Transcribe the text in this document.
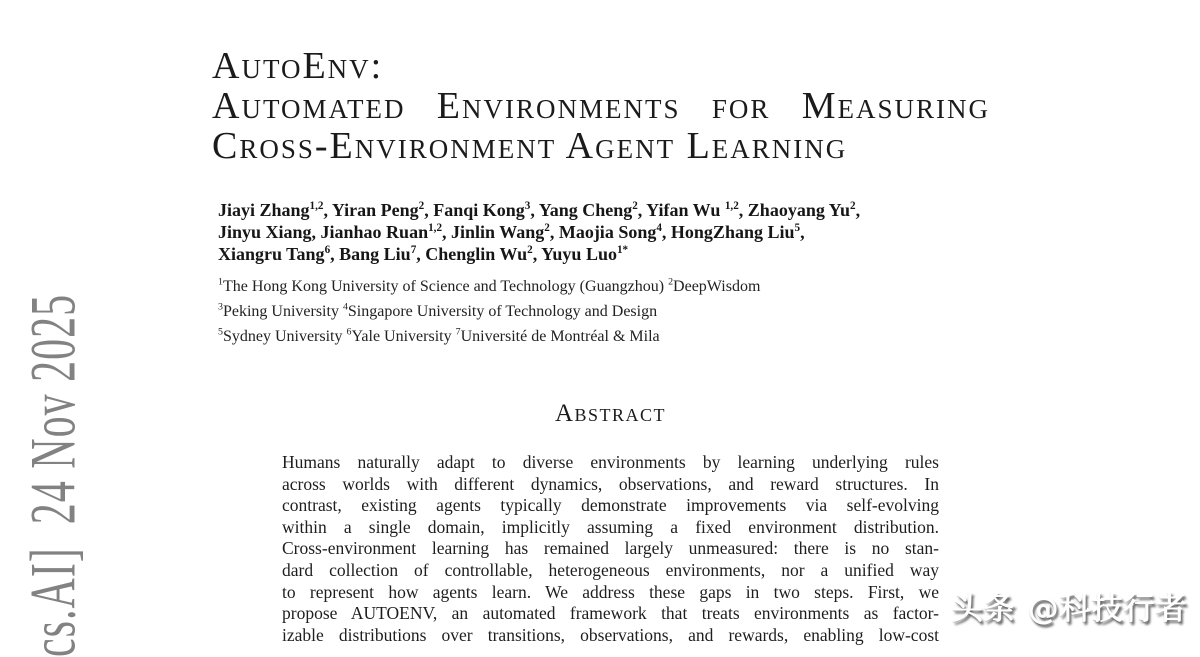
cs.AI]  24 Nov 2025
AutoEnv:
Automated Environments for Measuring
Cross-Environment Agent Learning
Jiayi Zhang$^{1,2}$, Yiran Peng$^2$, Fanqi Kong$^3$, Yang Cheng$^2$, Yifan Wu $^{1,2}$, Zhaoyang Yu$^2$,
Jinyu Xiang, Jianhao Ruan$^{1,2}$, Jinlin Wang$^2$, Maojia Song$^4$, HongZhang Liu$^5$,
Xiangru Tang$^6$, Bang Liu$^7$, Chenglin Wu$^2$, Yuyu Luo$^{1*}$
$^1$The Hong Kong University of Science and Technology (Guangzhou) $^2$DeepWisdom
$^3$Peking University $^4$Singapore University of Technology and Design
$^5$Sydney University $^6$Yale University $^7$Université de Montréal & Mila
Abstract
Humans naturally adapt to diverse environments by learning underlying rules
across worlds with different dynamics, observations, and reward structures. In
contrast, existing agents typically demonstrate improvements via self-evolving
within a single domain, implicitly assuming a fixed environment distribution.
Cross-environment learning has remained largely unmeasured: there is no stan-
dard collection of controllable, heterogeneous environments, nor a unified way
to represent how agents learn. We address these gaps in two steps. First, we
propose AUTOENV, an automated framework that treats environments as factor-
izable distributions over transitions, observations, and rewards, enabling low-cost
头条 @科技行者
